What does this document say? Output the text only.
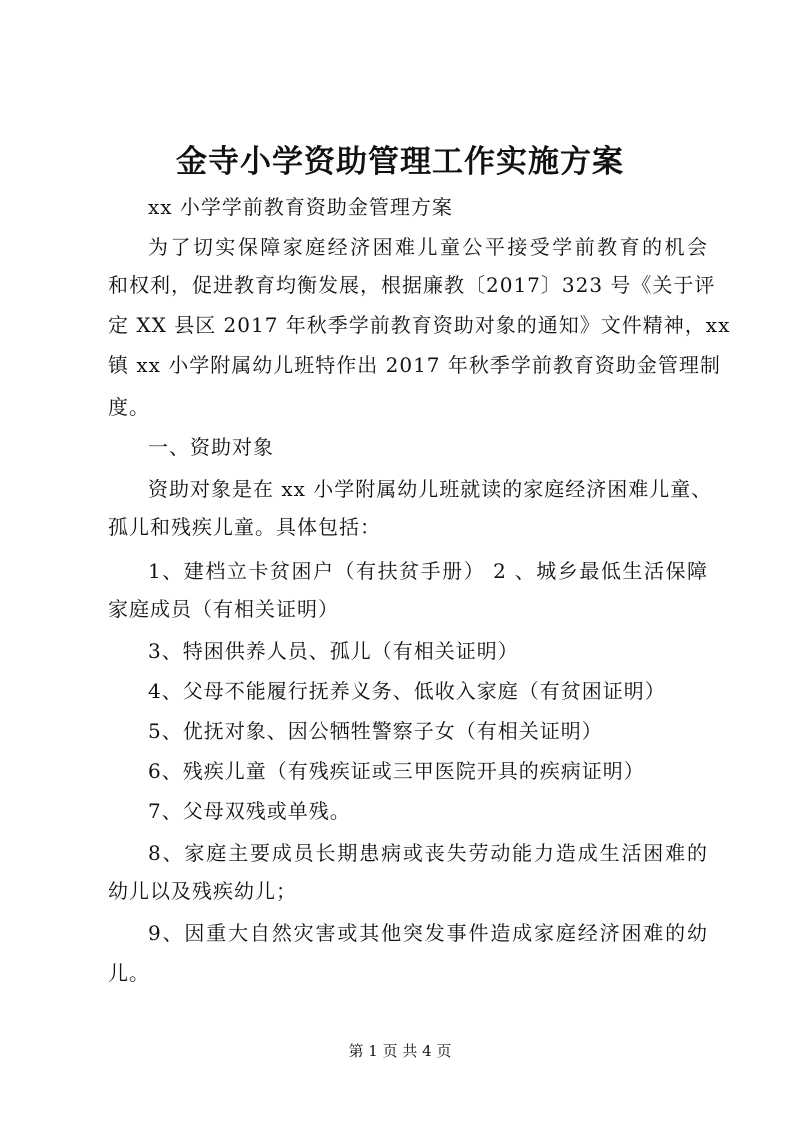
金寺小学资助管理工作实施方案
xx 小学学前教育资助金管理方案
为了切实保障家庭经济困难儿童公平接受学前教育的机会
和权利，促进教育均衡发展，根据廉教〔2017〕323 号《关于评
定 XX 县区 2017 年秋季学前教育资助对象的通知》文件精神，xx
镇 xx 小学附属幼儿班特作出 2017 年秋季学前教育资助金管理制
度。
一、资助对象
资助对象是在 xx 小学附属幼儿班就读的家庭经济困难儿童、
孤儿和残疾儿童。具体包括：
1、建档立卡贫困户（有扶贫手册） 2 、城乡最低生活保障
家庭成员（有相关证明）
3、特困供养人员、孤儿（有相关证明）
4、父母不能履行抚养义务、低收入家庭（有贫困证明）
5、优抚对象、因公牺牲警察子女（有相关证明）
6、残疾儿童（有残疾证或三甲医院开具的疾病证明）
7、父母双残或单残。
8、家庭主要成员长期患病或丧失劳动能力造成生活困难的
幼儿以及残疾幼儿；
9、因重大自然灾害或其他突发事件造成家庭经济困难的幼
儿。
第 1 页 共 4 页
